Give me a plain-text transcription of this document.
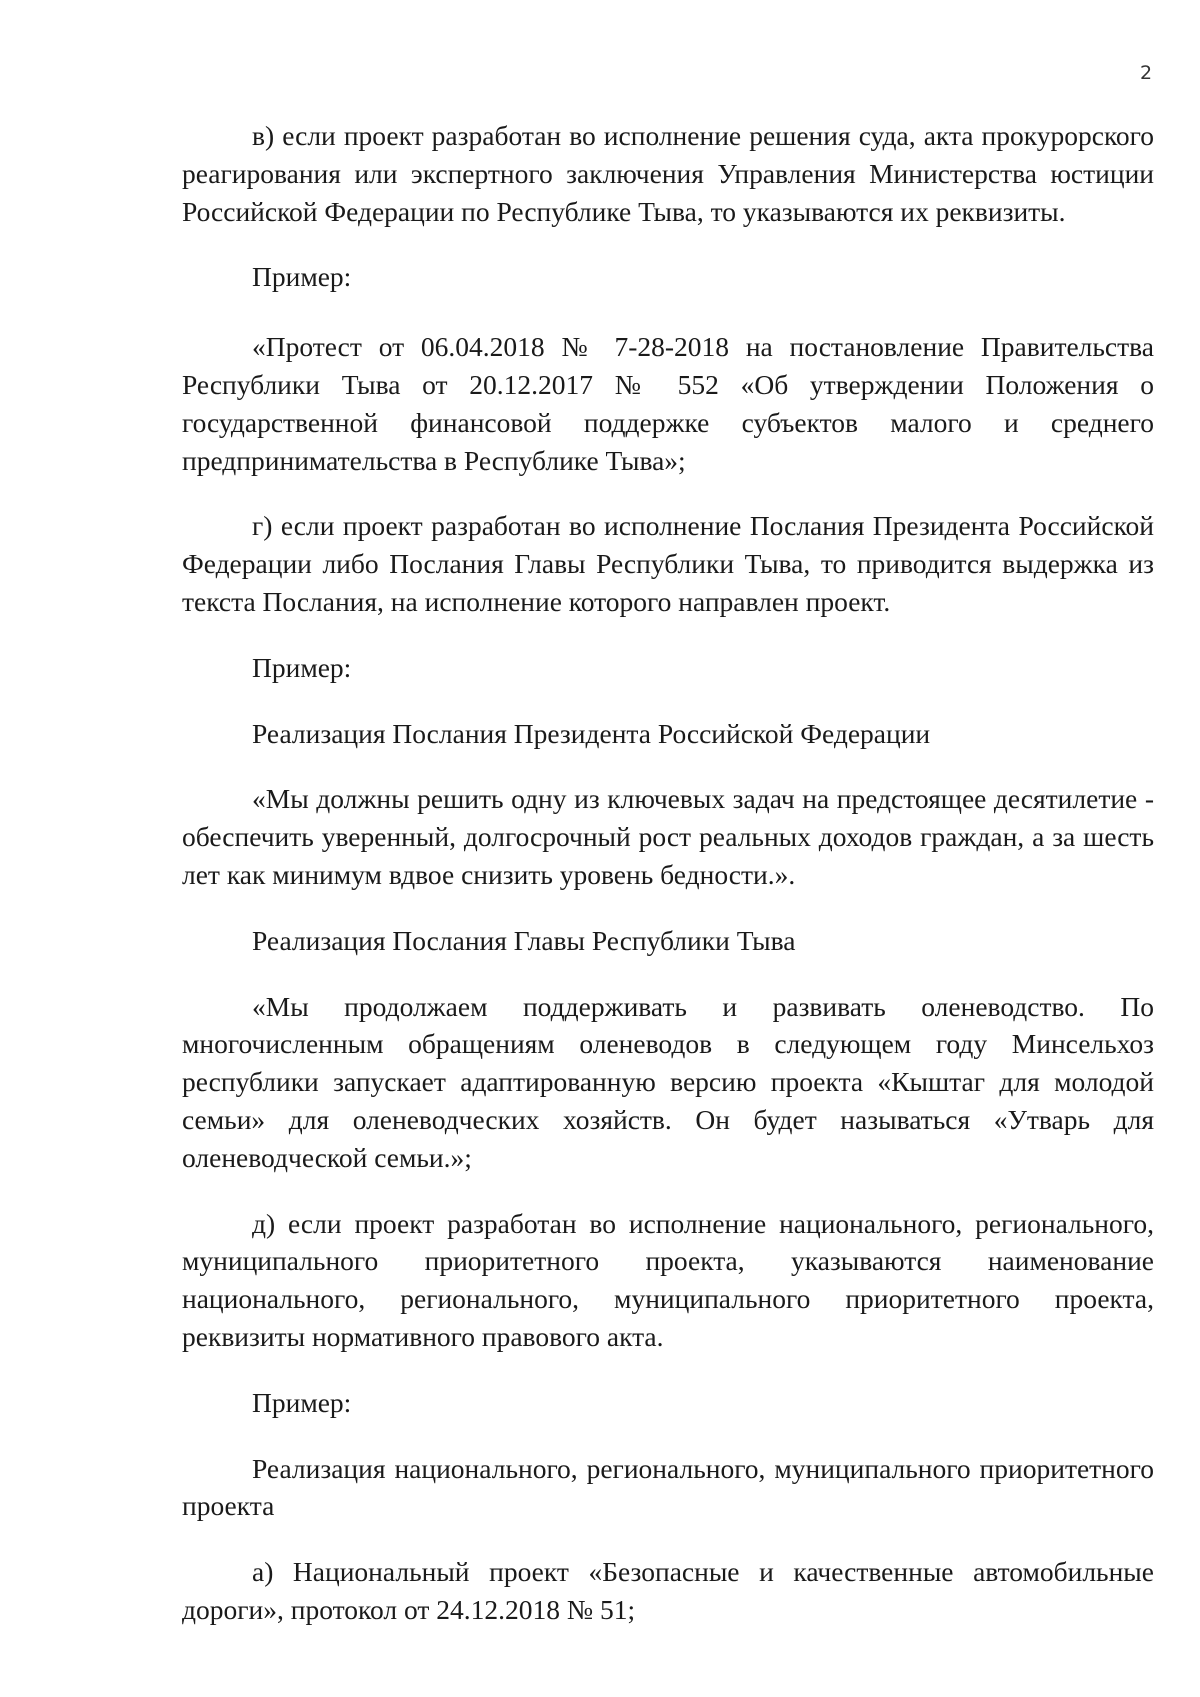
2

в) если проект разработан во исполнение решения суда, акта прокурорского реагирования или экспертного заключения Управления Министерства юстиции Российской Федерации по Республике Тыва, то указываются их реквизиты.

Пример:

«Протест от 06.04.2018 № 7-28-2018 на постановление Правительства Республики Тыва от 20.12.2017 № 552 «Об утверждении Положения о государственной финансовой поддержке субъектов малого и среднего предпринимательства в Республике Тыва»;

г) если проект разработан во исполнение Послания Президента Российской Федерации либо Послания Главы Республики Тыва, то приводится выдержка из текста Послания, на исполнение которого направлен проект.

Пример:

Реализация Послания Президента Российской Федерации

«Мы должны решить одну из ключевых задач на предстоящее десятилетие - обеспечить уверенный, долгосрочный рост реальных доходов граждан, а за шесть лет как минимум вдвое снизить уровень бедности.».

Реализация Послания Главы Республики Тыва

«Мы продолжаем поддерживать и развивать оленеводство. По многочисленным обращениям оленеводов в следующем году Минсельхоз республики запускает адаптированную версию проекта «Кыштаг для молодой семьи» для оленеводческих хозяйств. Он будет называться «Утварь для оленеводческой семьи.»;

д) если проект разработан во исполнение национального, регионального, муниципального приоритетного проекта, указываются наименование национального, регионального, муниципального приоритетного проекта, реквизиты нормативного правового акта.

Пример:

Реализация национального, регионального, муниципального приоритетного проекта

а) Национальный проект «Безопасные и качественные автомобильные дороги», протокол от 24.12.2018 № 51;
